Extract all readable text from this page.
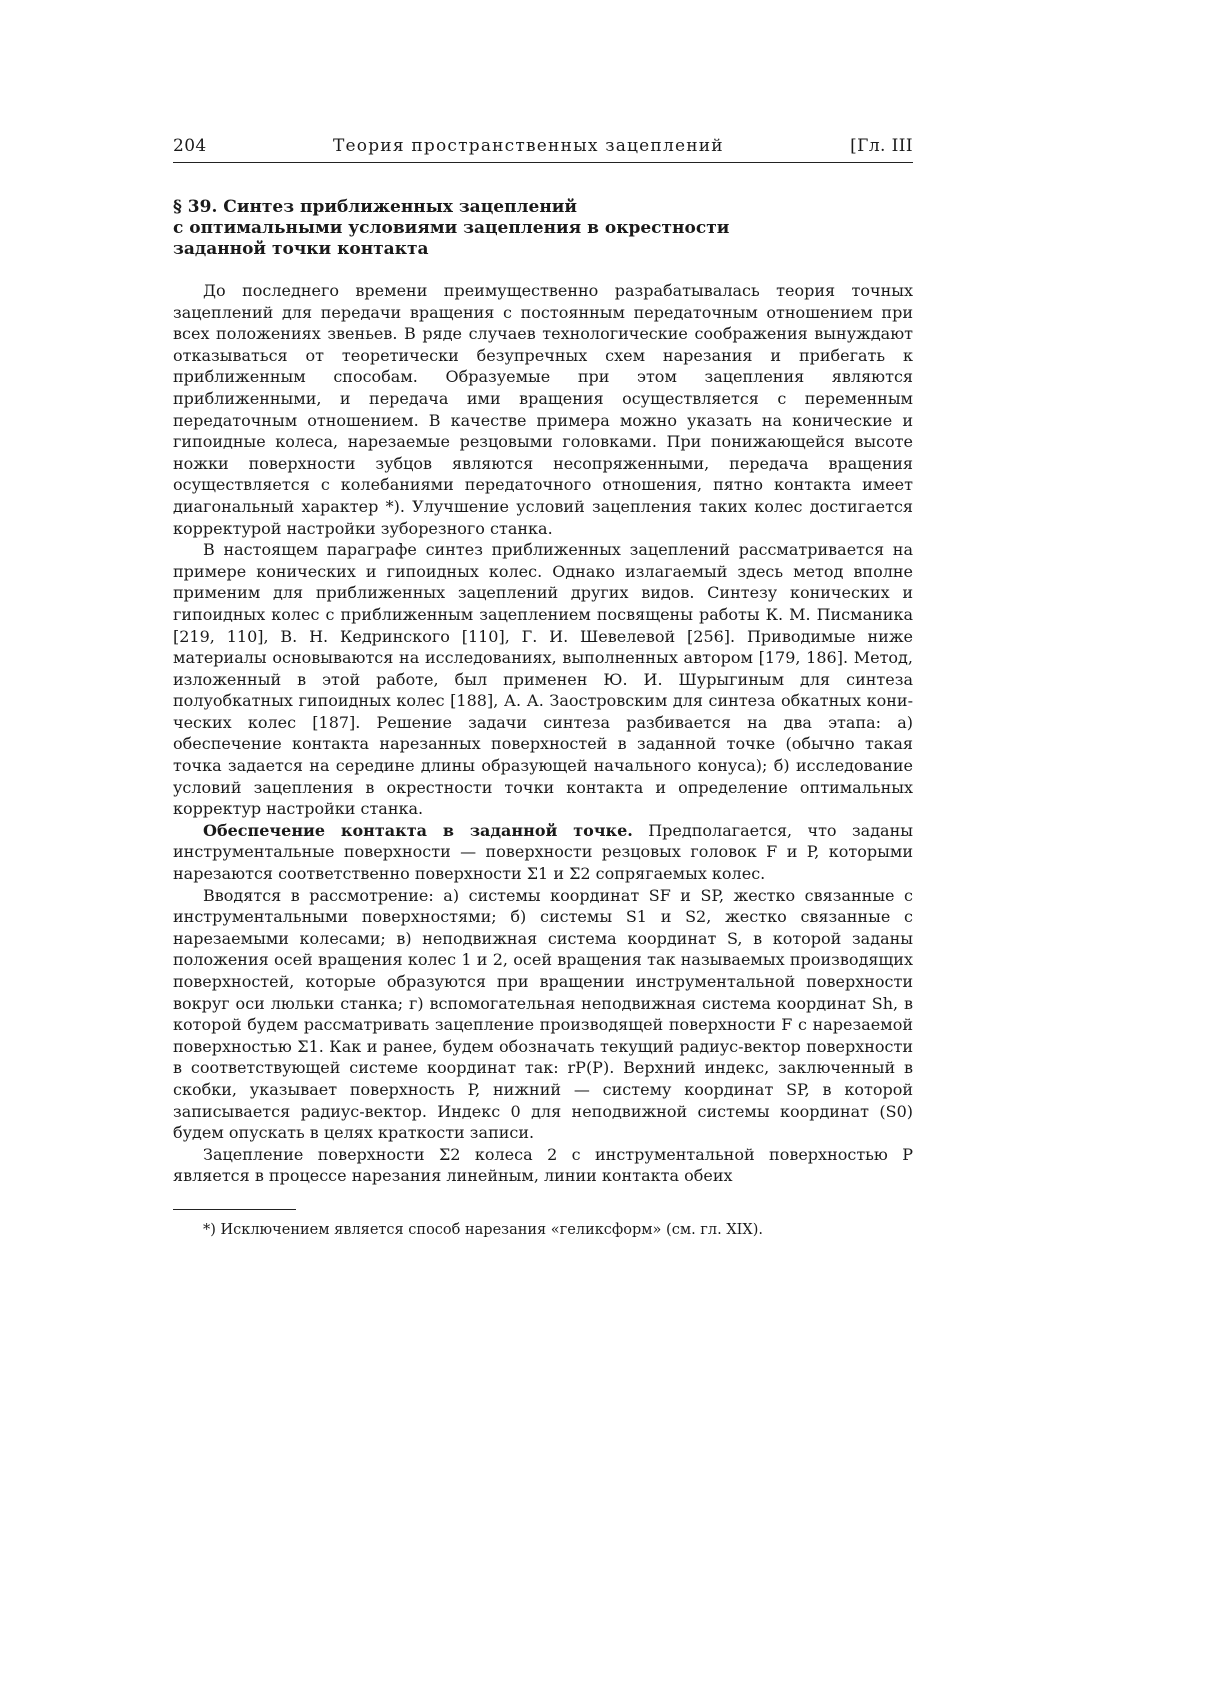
204	Теория пространственных зацеплений	[Гл. III
§ 39. Синтез приближенных зацеплений
с оптимальными условиями зацепления в окрестности
заданной точки контакта

До последнего времени преимущественно разрабатывалась теория точных зацеплений для передачи вращения с постоянным передаточным отношением при всех положениях звеньев. В ряде случаев технологические соображения вынуждают отказываться от теоретически безупречных схем нарезания и прибегать к приближенным способам. Образуемые при этом зацепления являются приближенными, и передача ими вращения осуществляется с переменным передаточным отношением. В качестве примера можно указать на конические и гипоидные колеса, нарезаемые резцовыми головками. При понижающейся высоте ножки поверхности зубцов являются несопряженными, передача вращения осуществляется с колебаниями передаточного отношения, пятно контакта имеет диагональный характер *). Улучшение условий зацепления таких колес достигается корректурой настройки зуборезного станка.

В настоящем параграфе синтез приближенных зацеплений рассматривается на примере конических и гипоидных колес. Однако излагаемый здесь метод вполне применим для приближенных зацеплений других видов. Синтезу конических и гипоидных колес с приближенным зацеплением посвящены работы К. М. Писманика [219, 110], В. Н. Кедринского [110], Г. И. Шевелевой [256]. Приводимые ниже материалы основываются на исследованиях, выполненных автором [179, 186]. Метод, изложенный в этой работе, был применен Ю. И. Шурыгиным для синтеза полуобкатных гипоидных колес [188], А. А. Заостровским для синтеза обкатных конических колес [187]. Решение задачи синтеза разбивается на два этапа: а) обеспечение контакта нарезанных поверхностей в заданной точке (обычно такая точка задается на середине длины образующей начального конуса); б) исследование условий зацепления в окрестности точки контакта и определение оптимальных корректур настройки станка.

Обеспечение контакта в заданной точке. Предполагается, что заданы инструментальные поверхности — поверхности резцовых головок F и P, которыми нарезаются соответственно поверхности Σ1 и Σ2 сопрягаемых колес.

Вводятся в рассмотрение: а) системы координат SF и SP, жестко связанные с инструментальными поверхностями; б) системы S1 и S2, жестко связанные с нарезаемыми колесами; в) неподвижная система координат S, в которой заданы положения осей вращения колес 1 и 2, осей вращения так называемых производящих поверхностей, которые образуются при вращении инструментальной поверхности вокруг оси люльки станка; г) вспомогательная неподвижная система координат Sh, в которой будем рассматривать зацепление производящей поверхности F с нарезаемой поверхностью Σ1. Как и ранее, будем обозначать текущий радиус-вектор поверхности в соответствующей системе координат так: rP(P). Верхний индекс, заключенный в скобки, указывает поверхность P, нижний — систему координат SP, в которой записывается радиус-вектор. Индекс 0 для неподвижной системы координат (S0) будем опускать в целях краткости записи.

Зацепление поверхности Σ2 колеса 2 с инструментальной поверхностью P является в процессе нарезания линейным, линии контакта обеих

*) Исключением является способ нарезания «геликсформ» (см. гл. XIX).
